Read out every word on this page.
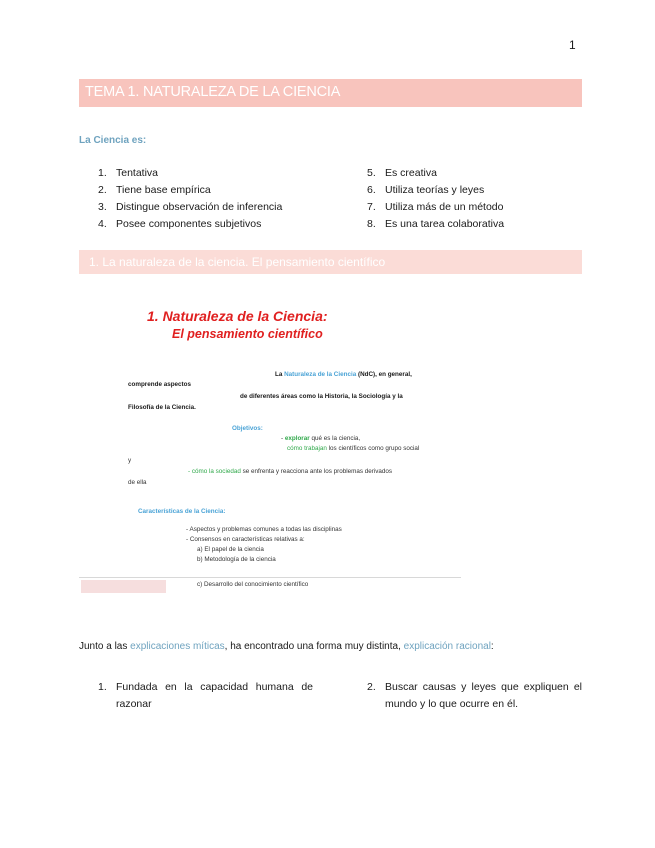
1
TEMA 1. NATURALEZA DE LA CIENCIA
La Ciencia es:
1. Tentativa
2. Tiene base empírica
3. Distingue observación de inferencia
4. Posee componentes subjetivos
5. Es creativa
6. Utiliza teorías y leyes
7. Utiliza más de un método
8. Es una tarea colaborativa
1. La naturaleza de la ciencia. El pensamiento científico
1. Naturaleza de la Ciencia:
El pensamiento científico
La Naturaleza de la Ciencia (NdC), en general,
comprende aspectos
de diferentes áreas como la Historia, la Sociología y la
Filosofía de la Ciencia.
Objetivos:
- explorar qué es la ciencia,
cómo trabajan los científicos como grupo social
y
- cómo la sociedad se enfrenta y reacciona ante los problemas derivados
de ella
Características de la Ciencia:
- Aspectos y problemas comunes a todas las disciplinas
- Consensos en características relativas a:
a) El papel de la ciencia
b) Metodología de la ciencia
c) Desarrollo del conocimiento científico
Junto a las explicaciones míticas, ha encontrado una forma muy distinta, explicación racional:
1. Fundada en la capacidad humana de razonar
2. Buscar causas y leyes que expliquen el mundo y lo que ocurre en él.
